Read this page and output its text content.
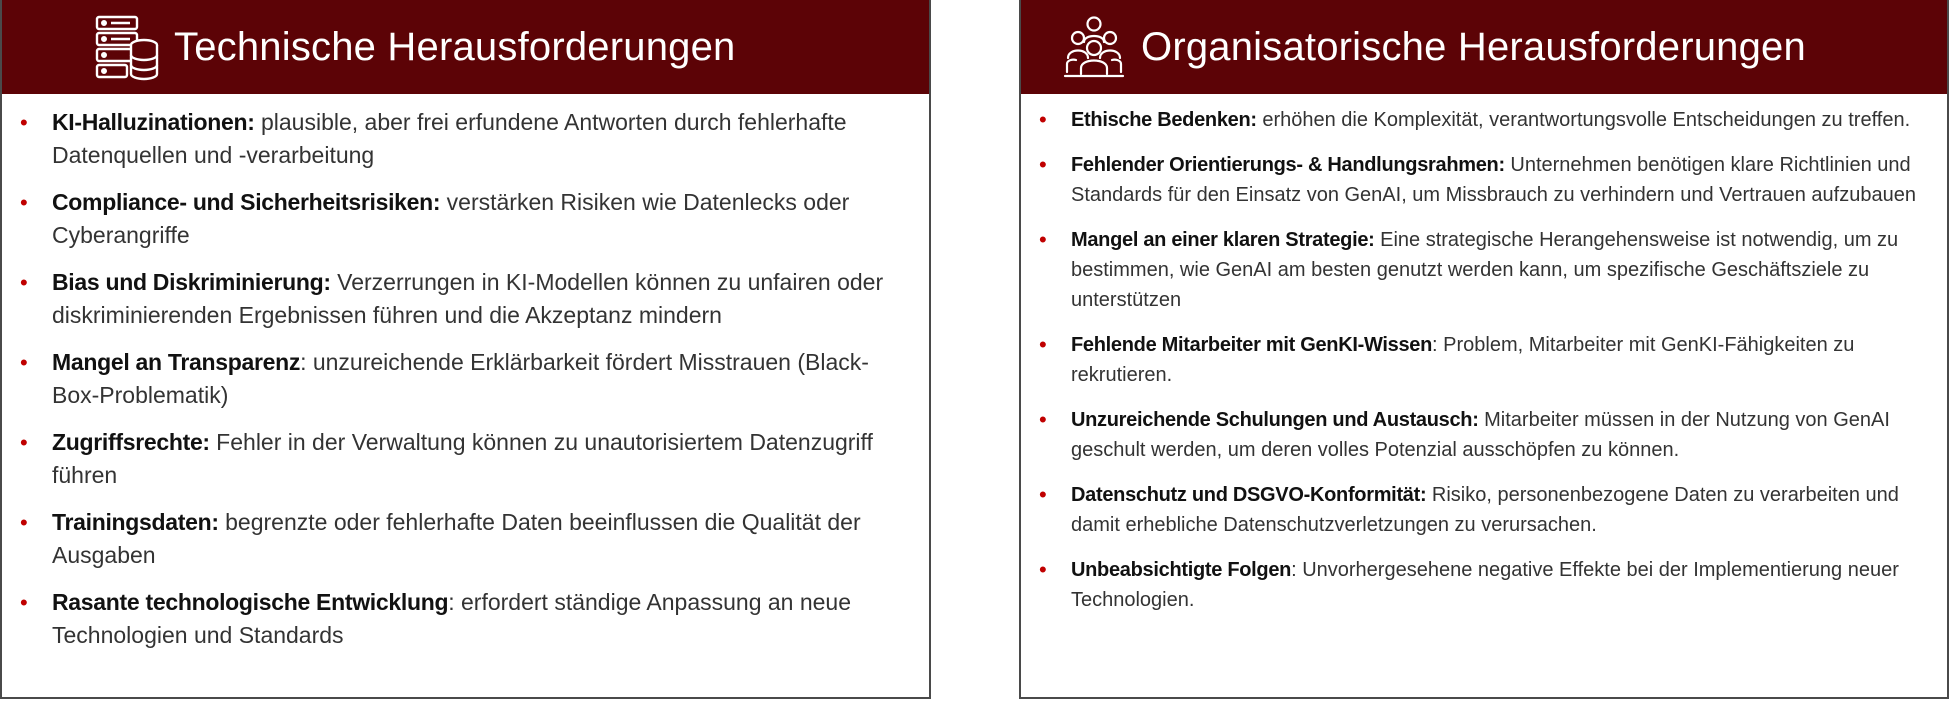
Technische Herausforderungen
• KI-Halluzinationen: plausible, aber frei erfundene Antworten durch fehlerhafte Datenquellen und -verarbeitung
• Compliance- und Sicherheitsrisiken: verstärken Risiken wie Datenlecks oder Cyberangriffe
• Bias und Diskriminierung: Verzerrungen in KI-Modellen können zu unfairen oder diskriminierenden Ergebnissen führen und die Akzeptanz mindern
• Mangel an Transparenz: unzureichende Erklärbarkeit fördert Misstrauen (Black-Box-Problematik)
• Zugriffsrechte: Fehler in der Verwaltung können zu unautorisiertem Datenzugriff führen
• Trainingsdaten: begrenzte oder fehlerhafte Daten beeinflussen die Qualität der Ausgaben
• Rasante technologische Entwicklung: erfordert ständige Anpassung an neue Technologien und Standards
Organisatorische Herausforderungen
• Ethische Bedenken: erhöhen die Komplexität, verantwortungsvolle Entscheidungen zu treffen.
• Fehlender Orientierungs- & Handlungsrahmen: Unternehmen benötigen klare Richtlinien und Standards für den Einsatz von GenAI, um Missbrauch zu verhindern und Vertrauen aufzubauen
• Mangel an einer klaren Strategie: Eine strategische Herangehensweise ist notwendig, um zu bestimmen, wie GenAI am besten genutzt werden kann, um spezifische Geschäftsziele zu unterstützen
• Fehlende Mitarbeiter mit GenKI-Wissen: Problem, Mitarbeiter mit GenKI-Fähigkeiten zu rekrutieren.
• Unzureichende Schulungen und Austausch: Mitarbeiter müssen in der Nutzung von GenAI geschult werden, um deren volles Potenzial ausschöpfen zu können.
• Datenschutz und DSGVO-Konformität: Risiko, personenbezogene Daten zu verarbeiten und damit erhebliche Datenschutzverletzungen zu verursachen.
• Unbeabsichtigte Folgen: Unvorhergesehene negative Effekte bei der Implementierung neuer Technologien.
